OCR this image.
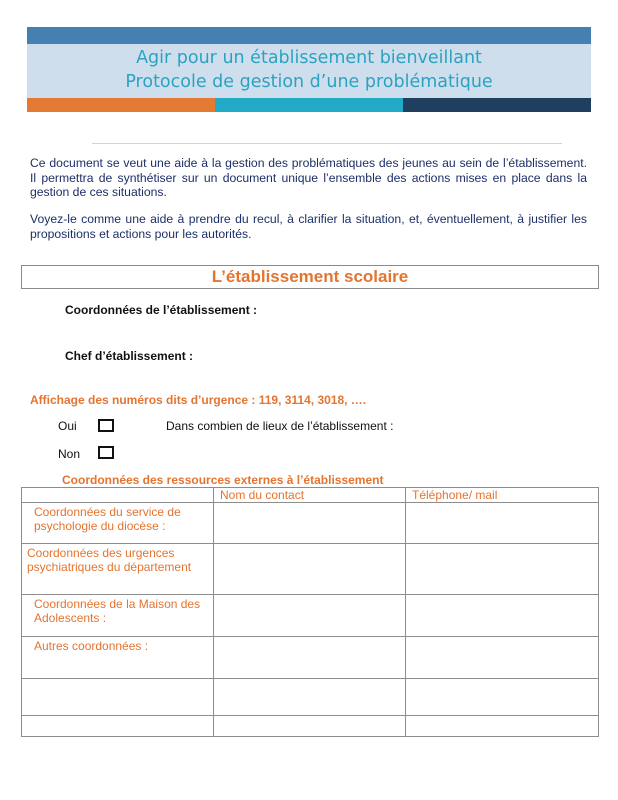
Agir pour un établissement bienveillant
Protocole de gestion d’une problématique

Ce document se veut une aide à la gestion des problématiques des jeunes au sein de l’établissement. Il permettra de synthétiser sur un document unique l’ensemble des actions mises en place dans la gestion de ces situations.

Voyez-le comme une aide à prendre du recul, à clarifier la situation, et, éventuellement, à justifier les propositions et actions pour les autorités.

L’établissement scolaire
Coordonnées de l’établissement :
Chef d’établissement :
Affichage des numéros dits d’urgence : 119, 3114, 3018, ….
Oui	Dans combien de lieux de l’établissement :
Non
Coordonnées des ressources externes à l’établissement
	Nom du contact	Téléphone/ mail

Coordonnées du service de psychologie du diocèse :		

Coordonnées des urgences psychiatriques du département		

Coordonnées de la Maison des Adolescents :		

Autres coordonnées :		
